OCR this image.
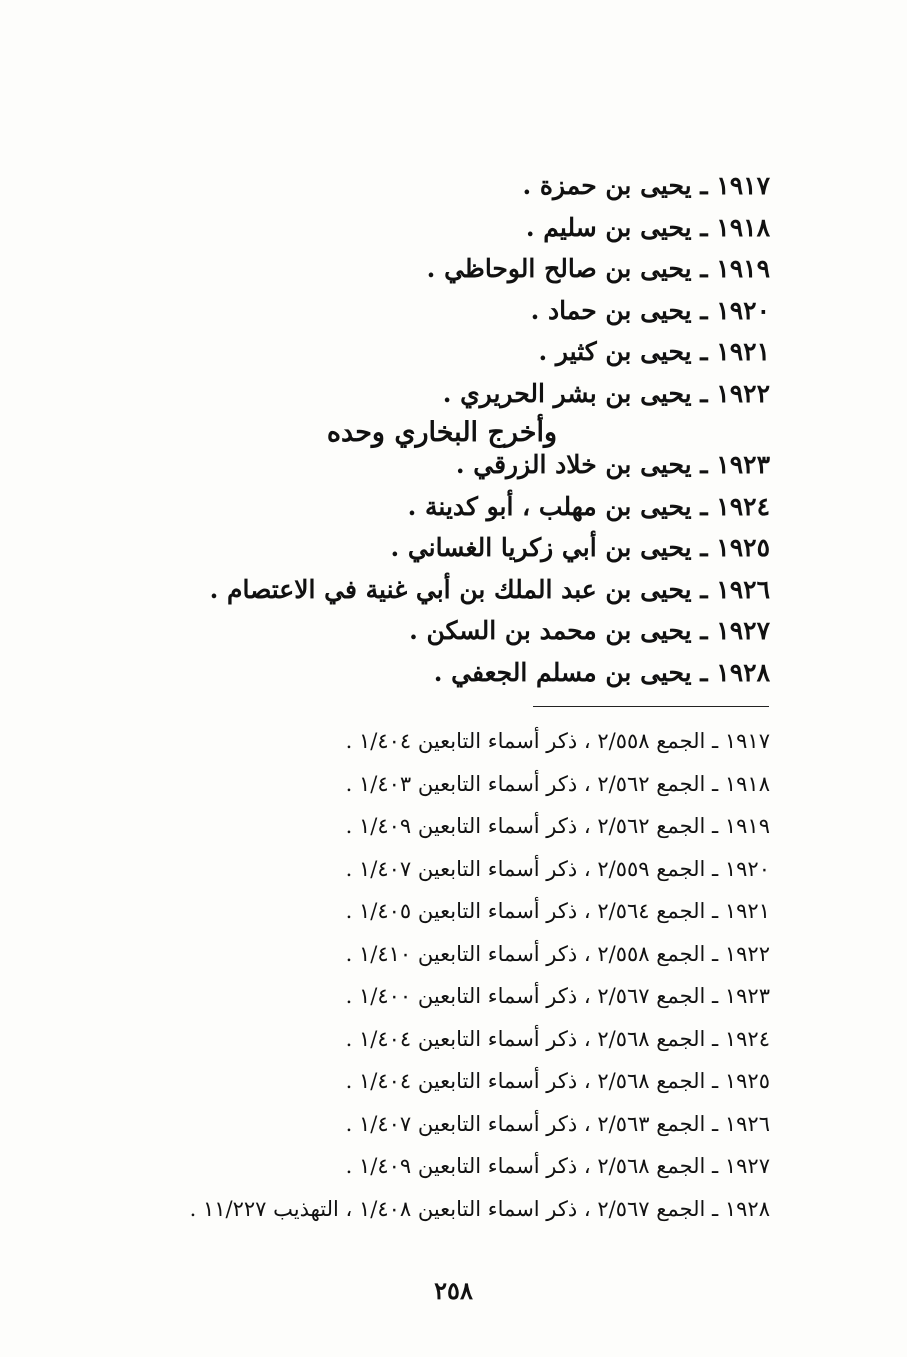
١٩١٧ ـ يحيى بن حمزة .
١٩١٨ ـ يحيى بن سليم .
١٩١٩ ـ يحيى بن صالح الوحاظي .
١٩٢٠ ـ يحيى بن حماد .
١٩٢١ ـ يحيى بن كثير .
١٩٢٢ ـ يحيى بن بشر الحريري .
وأخرج البخاري وحده
١٩٢٣ ـ يحيى بن خلاد الزرقي .
١٩٢٤ ـ يحيى بن مهلب ، أبو كدينة .
١٩٢٥ ـ يحيى بن أبي زكريا الغساني .
١٩٢٦ ـ يحيى بن عبد الملك بن أبي غنية في الاعتصام .
١٩٢٧ ـ يحيى بن محمد بن السكن .
١٩٢٨ ـ يحيى بن مسلم الجعفي .
١٩١٧ ـ الجمع ٢/٥٥٨ ، ذكر أسماء التابعين ١/٤٠٤ .
١٩١٨ ـ الجمع ٢/٥٦٢ ، ذكر أسماء التابعين ١/٤٠٣ .
١٩١٩ ـ الجمع ٢/٥٦٢ ، ذكر أسماء التابعين ١/٤٠٩ .
١٩٢٠ ـ الجمع ٢/٥٥٩ ، ذكر أسماء التابعين ١/٤٠٧ .
١٩٢١ ـ الجمع ٢/٥٦٤ ، ذكر أسماء التابعين ١/٤٠٥ .
١٩٢٢ ـ الجمع ٢/٥٥٨ ، ذكر أسماء التابعين ١/٤١٠ .
١٩٢٣ ـ الجمع ٢/٥٦٧ ، ذكر أسماء التابعين ١/٤٠٠ .
١٩٢٤ ـ الجمع ٢/٥٦٨ ، ذكر أسماء التابعين ١/٤٠٤ .
١٩٢٥ ـ الجمع ٢/٥٦٨ ، ذكر أسماء التابعين ١/٤٠٤ .
١٩٢٦ ـ الجمع ٢/٥٦٣ ، ذكر أسماء التابعين ١/٤٠٧ .
١٩٢٧ ـ الجمع ٢/٥٦٨ ، ذكر أسماء التابعين ١/٤٠٩ .
١٩٢٨ ـ الجمع ٢/٥٦٧ ، ذكر اسماء التابعين ١/٤٠٨ ، التهذيب ١١/٢٢٧ .
٢٥٨
